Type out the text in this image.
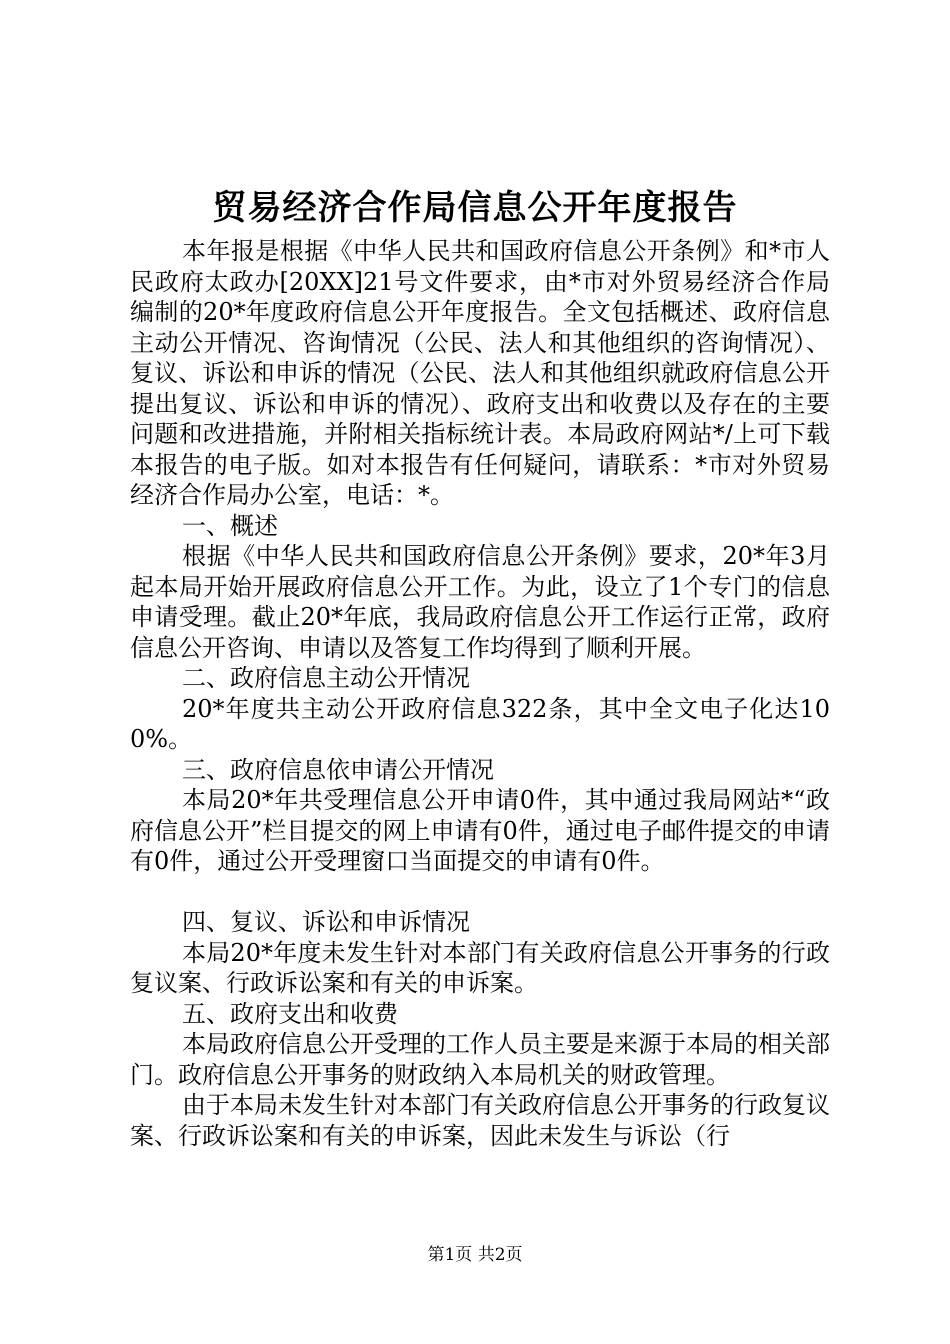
贸易经济合作局信息公开年度报告

本年报是根据《中华人民共和国政府信息公开条例》和*市人民政府太政办[20XX]21号文件要求，由*市对外贸易经济合作局编制的20*年度政府信息公开年度报告。全文包括概述、政府信息主动公开情况、咨询情况（公民、法人和其他组织的咨询情况）、复议、诉讼和申诉的情况（公民、法人和其他组织就政府信息公开提出复议、诉讼和申诉的情况）、政府支出和收费以及存在的主要问题和改进措施，并附相关指标统计表。本局政府网站*/上可下载本报告的电子版。如对本报告有任何疑问，请联系：*市对外贸易经济合作局办公室，电话：*。

一、概述

根据《中华人民共和国政府信息公开条例》要求，20*年3月起本局开始开展政府信息公开工作。为此，设立了1个专门的信息申请受理。截止20*年底，我局政府信息公开工作运行正常，政府信息公开咨询、申请以及答复工作均得到了顺利开展。

二、政府信息主动公开情况

20*年度共主动公开政府信息322条，其中全文电子化达100%。

三、政府信息依申请公开情况

本局20*年共受理信息公开申请0件，其中通过我局网站*“政府信息公开”栏目提交的网上申请有0件，通过电子邮件提交的申请有0件，通过公开受理窗口当面提交的申请有0件。

四、复议、诉讼和申诉情况

本局20*年度未发生针对本部门有关政府信息公开事务的行政复议案、行政诉讼案和有关的申诉案。

五、政府支出和收费

本局政府信息公开受理的工作人员主要是来源于本局的相关部门。政府信息公开事务的财政纳入本局机关的财政管理。

由于本局未发生针对本部门有关政府信息公开事务的行政复议案、行政诉讼案和有关的申诉案，因此未发生与诉讼（行

第1页 共2页
